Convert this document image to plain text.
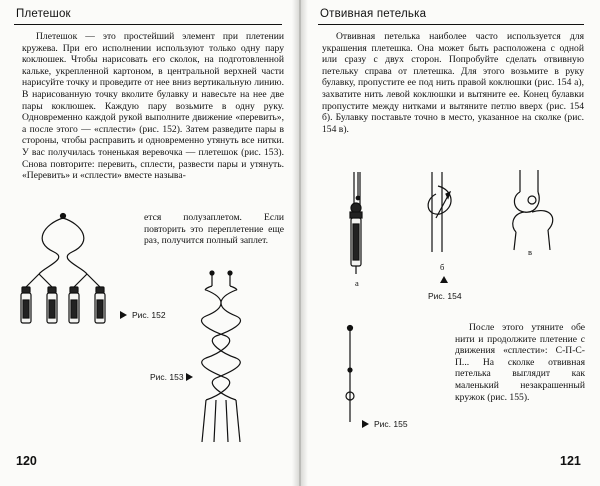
Плетешок
Плетешок — это простейший элемент при плетении кружева. При его исполнении используют только одну пару коклюшек. Чтобы нарисовать его сколок, на подготовленной кальке, укрепленной картоном, в центральной верхней части нарисуйте точку и проведите от нее вниз вертикальную линию. В нарисованную точку вколите булавку и навесьте на нее две пары коклюшек. Каждую пару возьмите в одну руку. Одновременно каждой рукой выполните движение «перевить», а после этого — «сплести» (рис. 152). Затем разведите пары в стороны, чтобы расправить и одновременно утянуть все нитки. У вас получилась тоненькая веревочка — плетешок (рис. 153). Снова повторите: перевить, сплести, развести пары и утянуть. «Перевить» и «сплести» вместе называ-
ется полузаплетом. Если повторить это переплетение еще раз, получится полный заплет.
Рис. 152
Рис. 153
120
Отвивная петелька
Отвивная петелька наиболее часто используется для украшения плетешка. Она может быть расположена с одной или сразу с двух сторон. Попробуйте сделать отвивную петельку справа от плетешка. Для этого возьмите в руку булавку, пропустите ее под нить правой коклюшки (рис. 154 а), захватите нить левой коклюшки и вытяните ее. Конец булавки пропустите между нитками и вытяните петлю вверх (рис. 154 б). Булавку поставьте точно в место, указанное на сколке (рис. 154 в).
а
б
Рис. 154
в
Рис. 155
После этого утяните обе нити и продолжите плетение с движения «сплести»: С-П-С-П... На сколке отвивная петелька выглядит как маленький незакрашенный кружок (рис. 155).
121
